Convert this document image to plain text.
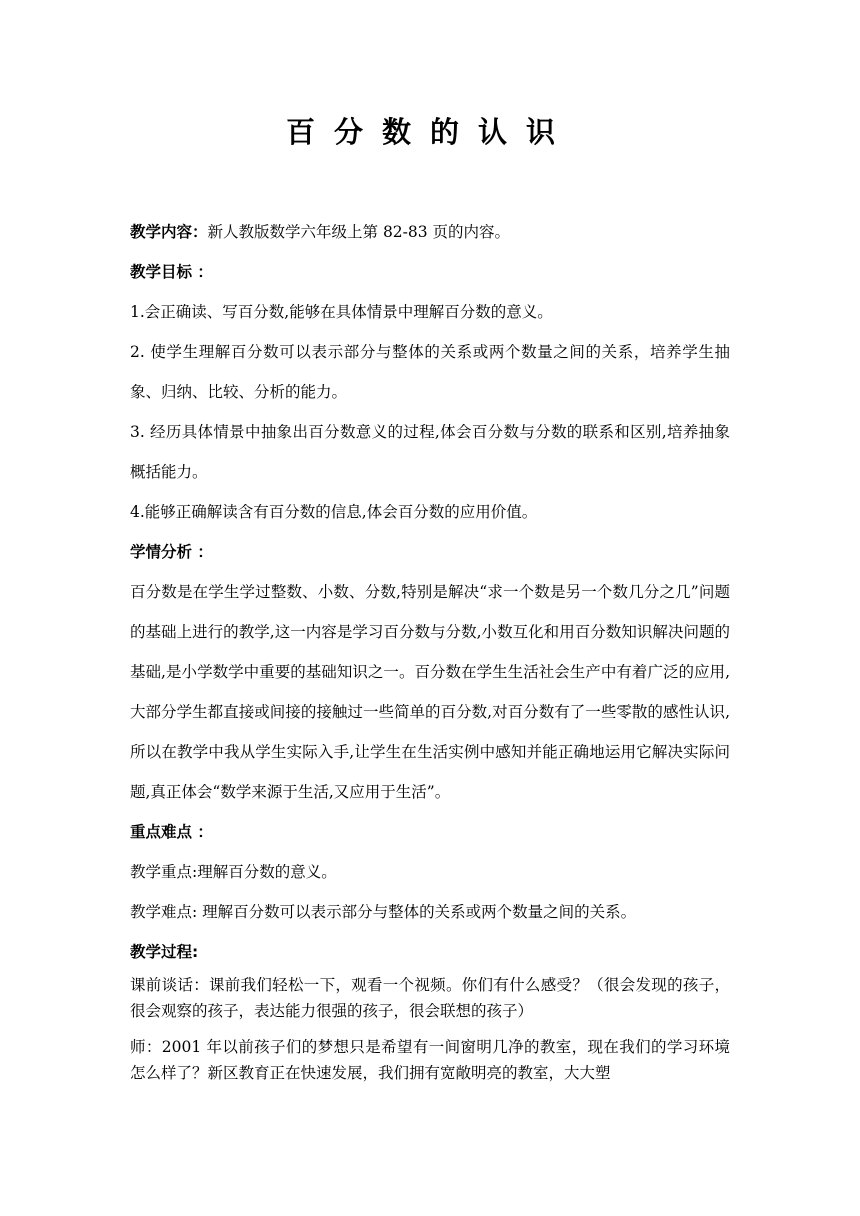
百分数的认识

教学内容：新人教版数学六年级上第 82-83 页的内容。

教学目标 ：

1.会正确读、写百分数,能够在具体情景中理解百分数的意义。

2. 使学生理解百分数可以表示部分与整体的关系或两个数量之间的关系，培养学生抽象、归纳、比较、分析的能力。

3. 经历具体情景中抽象出百分数意义的过程,体会百分数与分数的联系和区别,培养抽象概括能力。

4.能够正确解读含有百分数的信息,体会百分数的应用价值。

学情分析 ：

百分数是在学生学过整数、小数、分数,特别是解决“求一个数是另一个数几分之几”问题的基础上进行的教学,这一内容是学习百分数与分数,小数互化和用百分数知识解决问题的基础,是小学数学中重要的基础知识之一。百分数在学生生活社会生产中有着广泛的应用,大部分学生都直接或间接的接触过一些简单的百分数,对百分数有了一些零散的感性认识,所以在教学中我从学生实际入手,让学生在生活实例中感知并能正确地运用它解决实际问题,真正体会“数学来源于生活,又应用于生活”。

重点难点 ：

教学重点:理解百分数的意义。

教学难点: 理解百分数可以表示部分与整体的关系或两个数量之间的关系。

教学过程:

课前谈话：课前我们轻松一下，观看一个视频。你们有什么感受？（很会发现的孩子，很会观察的孩子，表达能力很强的孩子，很会联想的孩子）

师：2001 年以前孩子们的梦想只是希望有一间窗明几净的教室，现在我们的学习环境怎么样了？新区教育正在快速发展，我们拥有宽敞明亮的教室，大大塑
